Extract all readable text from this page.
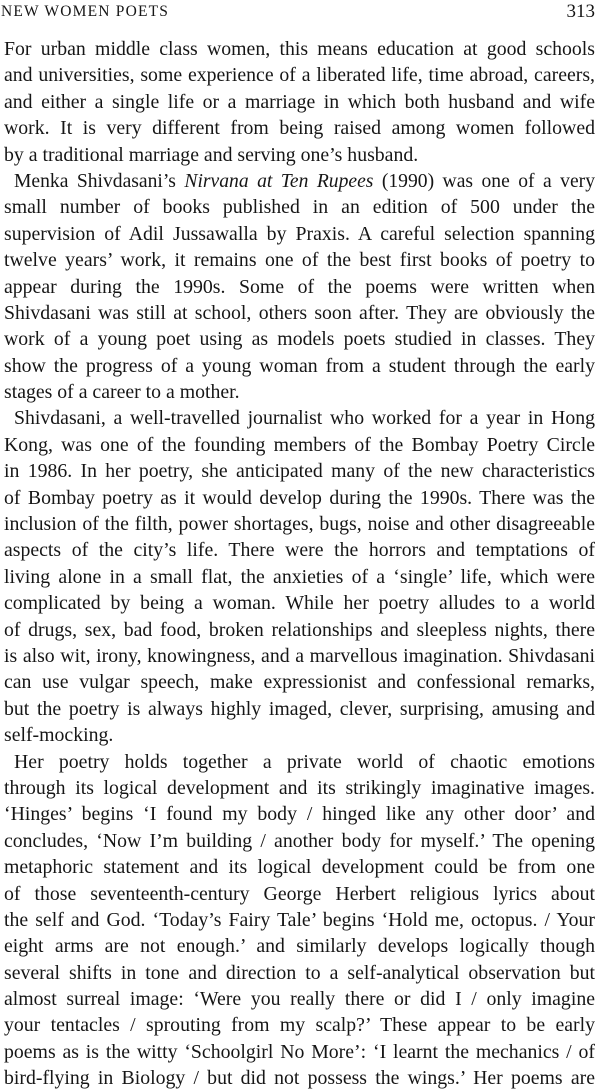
NEW WOMEN POETS	313
For urban middle class women, this means education at good schools
and universities, some experience of a liberated life, time abroad, careers,
and either a single life or a marriage in which both husband and wife
work. It is very different from being raised among women followed
by a traditional marriage and serving one’s husband.
Menka Shivdasani’s Nirvana at Ten Rupees (1990) was one of a very
small number of books published in an edition of 500 under the
supervision of Adil Jussawalla by Praxis. A careful selection spanning
twelve years’ work, it remains one of the best first books of poetry to
appear during the 1990s. Some of the poems were written when
Shivdasani was still at school, others soon after. They are obviously the
work of a young poet using as models poets studied in classes. They
show the progress of a young woman from a student through the early
stages of a career to a mother.
Shivdasani, a well-travelled journalist who worked for a year in Hong
Kong, was one of the founding members of the Bombay Poetry Circle
in 1986. In her poetry, she anticipated many of the new characteristics
of Bombay poetry as it would develop during the 1990s. There was the
inclusion of the filth, power shortages, bugs, noise and other disagreeable
aspects of the city’s life. There were the horrors and temptations of
living alone in a small flat, the anxieties of a ‘single’ life, which were
complicated by being a woman. While her poetry alludes to a world
of drugs, sex, bad food, broken relationships and sleepless nights, there
is also wit, irony, knowingness, and a marvellous imagination. Shivdasani
can use vulgar speech, make expressionist and confessional remarks,
but the poetry is always highly imaged, clever, surprising, amusing and
self-mocking.
Her poetry holds together a private world of chaotic emotions
through its logical development and its strikingly imaginative images.
‘Hinges’ begins ‘I found my body / hinged like any other door’ and
concludes, ‘Now I’m building / another body for myself.’ The opening
metaphoric statement and its logical development could be from one
of those seventeenth-century George Herbert religious lyrics about
the self and God. ‘Today’s Fairy Tale’ begins ‘Hold me, octopus. / Your
eight arms are not enough.’ and similarly develops logically though
several shifts in tone and direction to a self-analytical observation but
almost surreal image: ‘Were you really there or did I / only imagine
your tentacles / sprouting from my scalp?’ These appear to be early
poems as is the witty ‘Schoolgirl No More’: ‘I learnt the mechanics / of
bird-flying in Biology / but did not possess the wings.’ Her poems are
